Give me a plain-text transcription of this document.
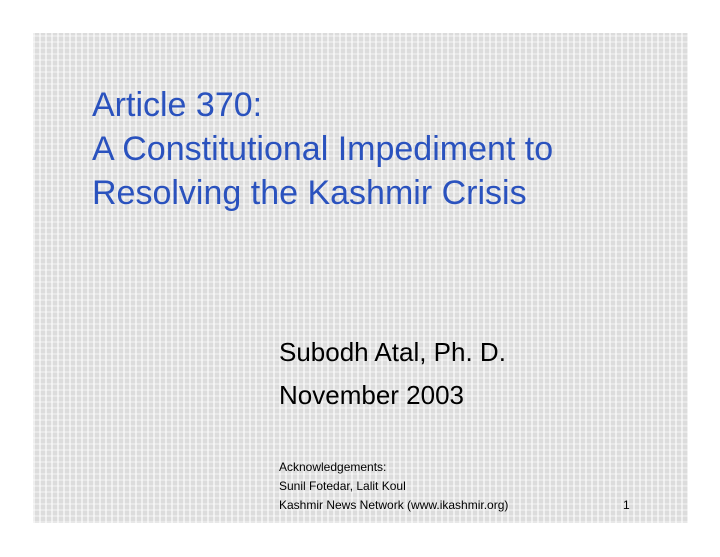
Article 370:
A Constitutional Impediment to
Resolving the Kashmir Crisis
Subodh Atal, Ph. D.
November 2003
Acknowledgements:
Sunil Fotedar, Lalit Koul
Kashmir News Network (www.ikashmir.org)	1
